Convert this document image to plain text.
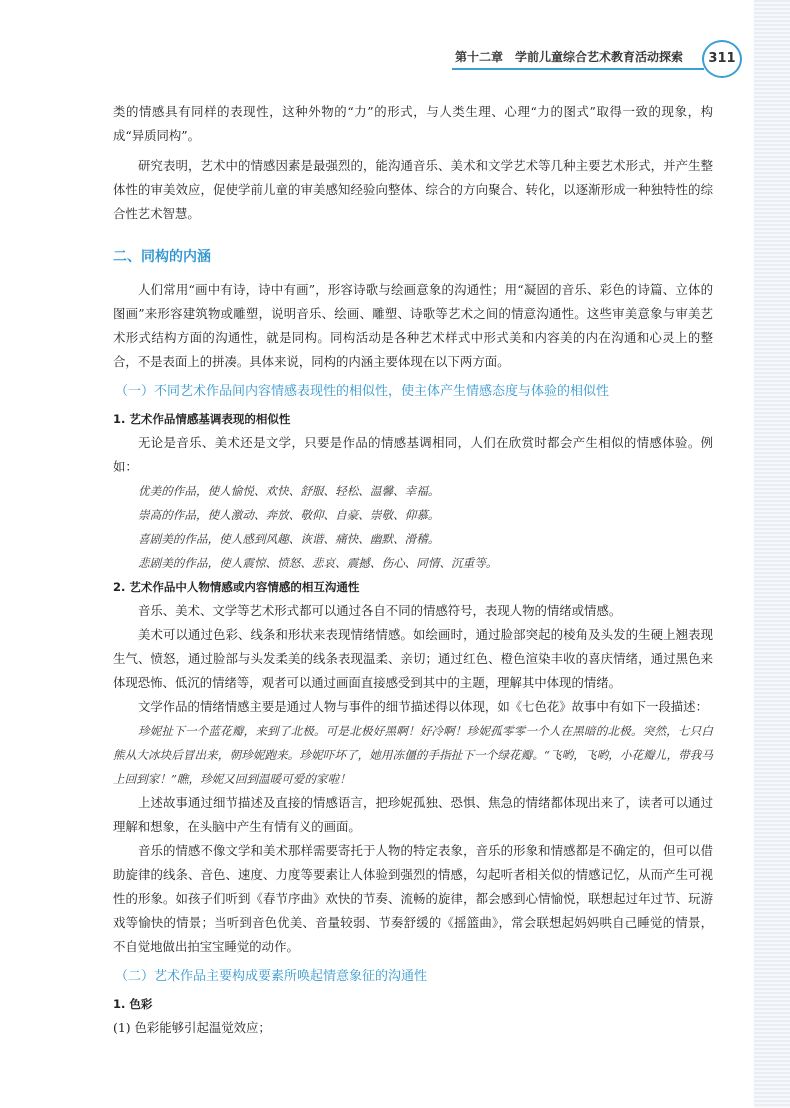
第十二章　学前儿童综合艺术教育活动探索	311

类的情感具有同样的表现性，这种外物的“力”的形式，与人类生理、心理“力的图式”取得一致的现象，构成“异质同构”。

研究表明，艺术中的情感因素是最强烈的，能沟通音乐、美术和文学艺术等几种主要艺术形式，并产生整体性的审美效应，促使学前儿童的审美感知经验向整体、综合的方向聚合、转化，以逐渐形成一种独特性的综合性艺术智慧。

二、同构的内涵

人们常用“画中有诗，诗中有画”，形容诗歌与绘画意象的沟通性；用“凝固的音乐、彩色的诗篇、立体的图画”来形容建筑物或雕塑，说明音乐、绘画、雕塑、诗歌等艺术之间的情意沟通性。这些审美意象与审美艺术形式结构方面的沟通性，就是同构。同构活动是各种艺术样式中形式美和内容美的内在沟通和心灵上的整合，不是表面上的拼凑。具体来说，同构的内涵主要体现在以下两方面。

（一）不同艺术作品间内容情感表现性的相似性，使主体产生情感态度与体验的相似性
1. 艺术作品情感基调表现的相似性

无论是音乐、美术还是文学，只要是作品的情感基调相同，人们在欣赏时都会产生相似的情感体验。例如：

优美的作品，使人愉悦、欢快、舒服、轻松、温馨、幸福。

崇高的作品，使人激动、奔放、敬仰、自豪、崇敬、仰慕。

喜剧美的作品，使人感到风趣、诙谐、痛快、幽默、滑稽。

悲剧美的作品，使人震惊、愤怒、悲哀、震撼、伤心、同情、沉重等。

2. 艺术作品中人物情感或内容情感的相互沟通性

音乐、美术、文学等艺术形式都可以通过各自不同的情感符号，表现人物的情绪或情感。

美术可以通过色彩、线条和形状来表现情绪情感。如绘画时，通过脸部突起的棱角及头发的生硬上翘表现生气、愤怒，通过脸部与头发柔美的线条表现温柔、亲切；通过红色、橙色渲染丰收的喜庆情绪，通过黑色来体现恐怖、低沉的情绪等，观者可以通过画面直接感受到其中的主题，理解其中体现的情绪。

文学作品的情绪情感主要是通过人物与事件的细节描述得以体现，如《七色花》故事中有如下一段描述：

珍妮扯下一个蓝花瓣，来到了北极。可是北极好黑啊！好冷啊！珍妮孤零零一个人在黑暗的北极。突然，七只白熊从大冰块后冒出来，朝珍妮跑来。珍妮吓坏了，她用冻僵的手指扯下一个绿花瓣。“飞哟，飞哟，小花瓣儿，带我马上回到家！”瞧，珍妮又回到温暖可爱的家啦！

上述故事通过细节描述及直接的情感语言，把珍妮孤独、恐惧、焦急的情绪都体现出来了，读者可以通过理解和想象，在头脑中产生有情有义的画面。

音乐的情感不像文学和美术那样需要寄托于人物的特定表象，音乐的形象和情感都是不确定的，但可以借助旋律的线条、音色、速度、力度等要素让人体验到强烈的情感，勾起听者相关似的情感记忆，从而产生可视性的形象。如孩子们听到《春节序曲》欢快的节奏、流畅的旋律，都会感到心情愉悦，联想起过年过节、玩游戏等愉快的情景；当听到音色优美、音量较弱、节奏舒缓的《摇篮曲》，常会联想起妈妈哄自己睡觉的情景，不自觉地做出拍宝宝睡觉的动作。

（二）艺术作品主要构成要素所唤起情意象征的沟通性
1. 色彩

(1) 色彩能够引起温觉效应；
